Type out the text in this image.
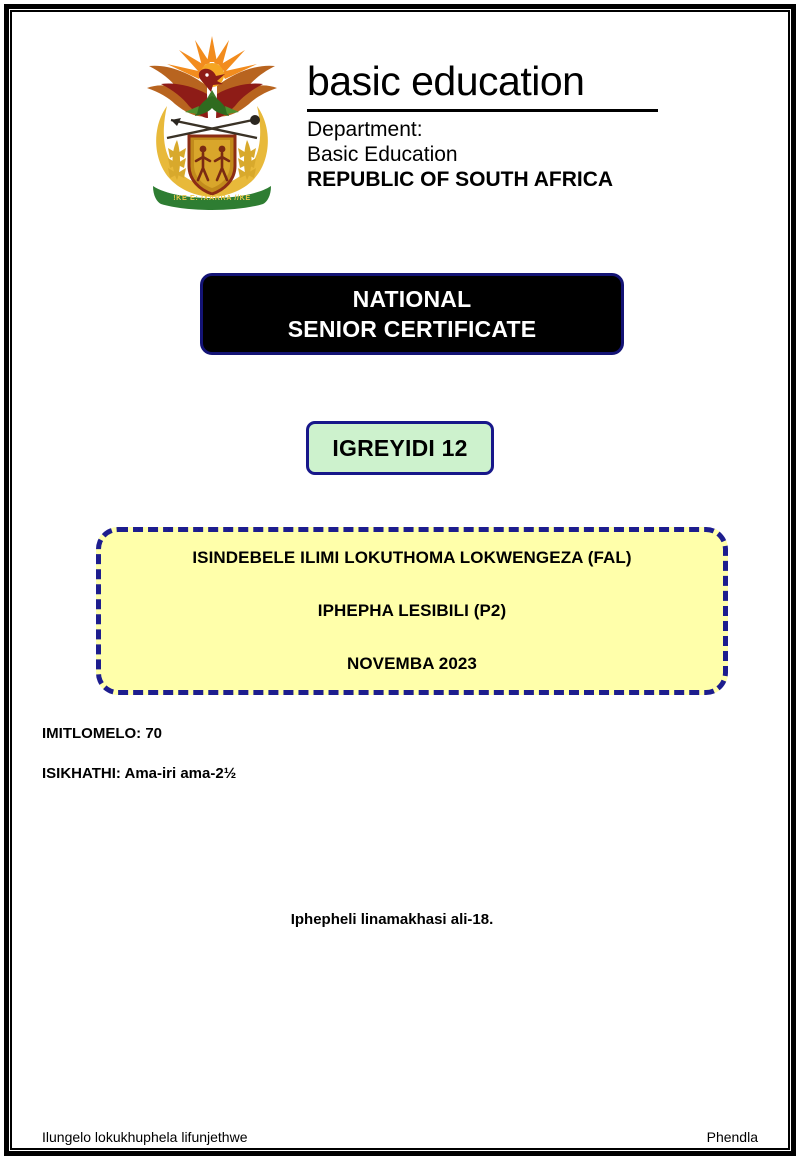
!KE E: /XARRA //KE
basic education
Department:
Basic Education
REPUBLIC OF SOUTH AFRICA
NATIONAL
SENIOR CERTIFICATE
IGREYIDI 12
ISINDEBELE ILIMI LOKUTHOMA LOKWENGEZA (FAL)
IPHEPHA LESIBILI (P2)
NOVEMBA 2023
IMITLOMELO: 70
ISIKHATHI: Ama-iri ama-2½
Iphepheli linamakhasi ali-18.
Ilungelo lokukhuphela lifunjethwe	Phendla
